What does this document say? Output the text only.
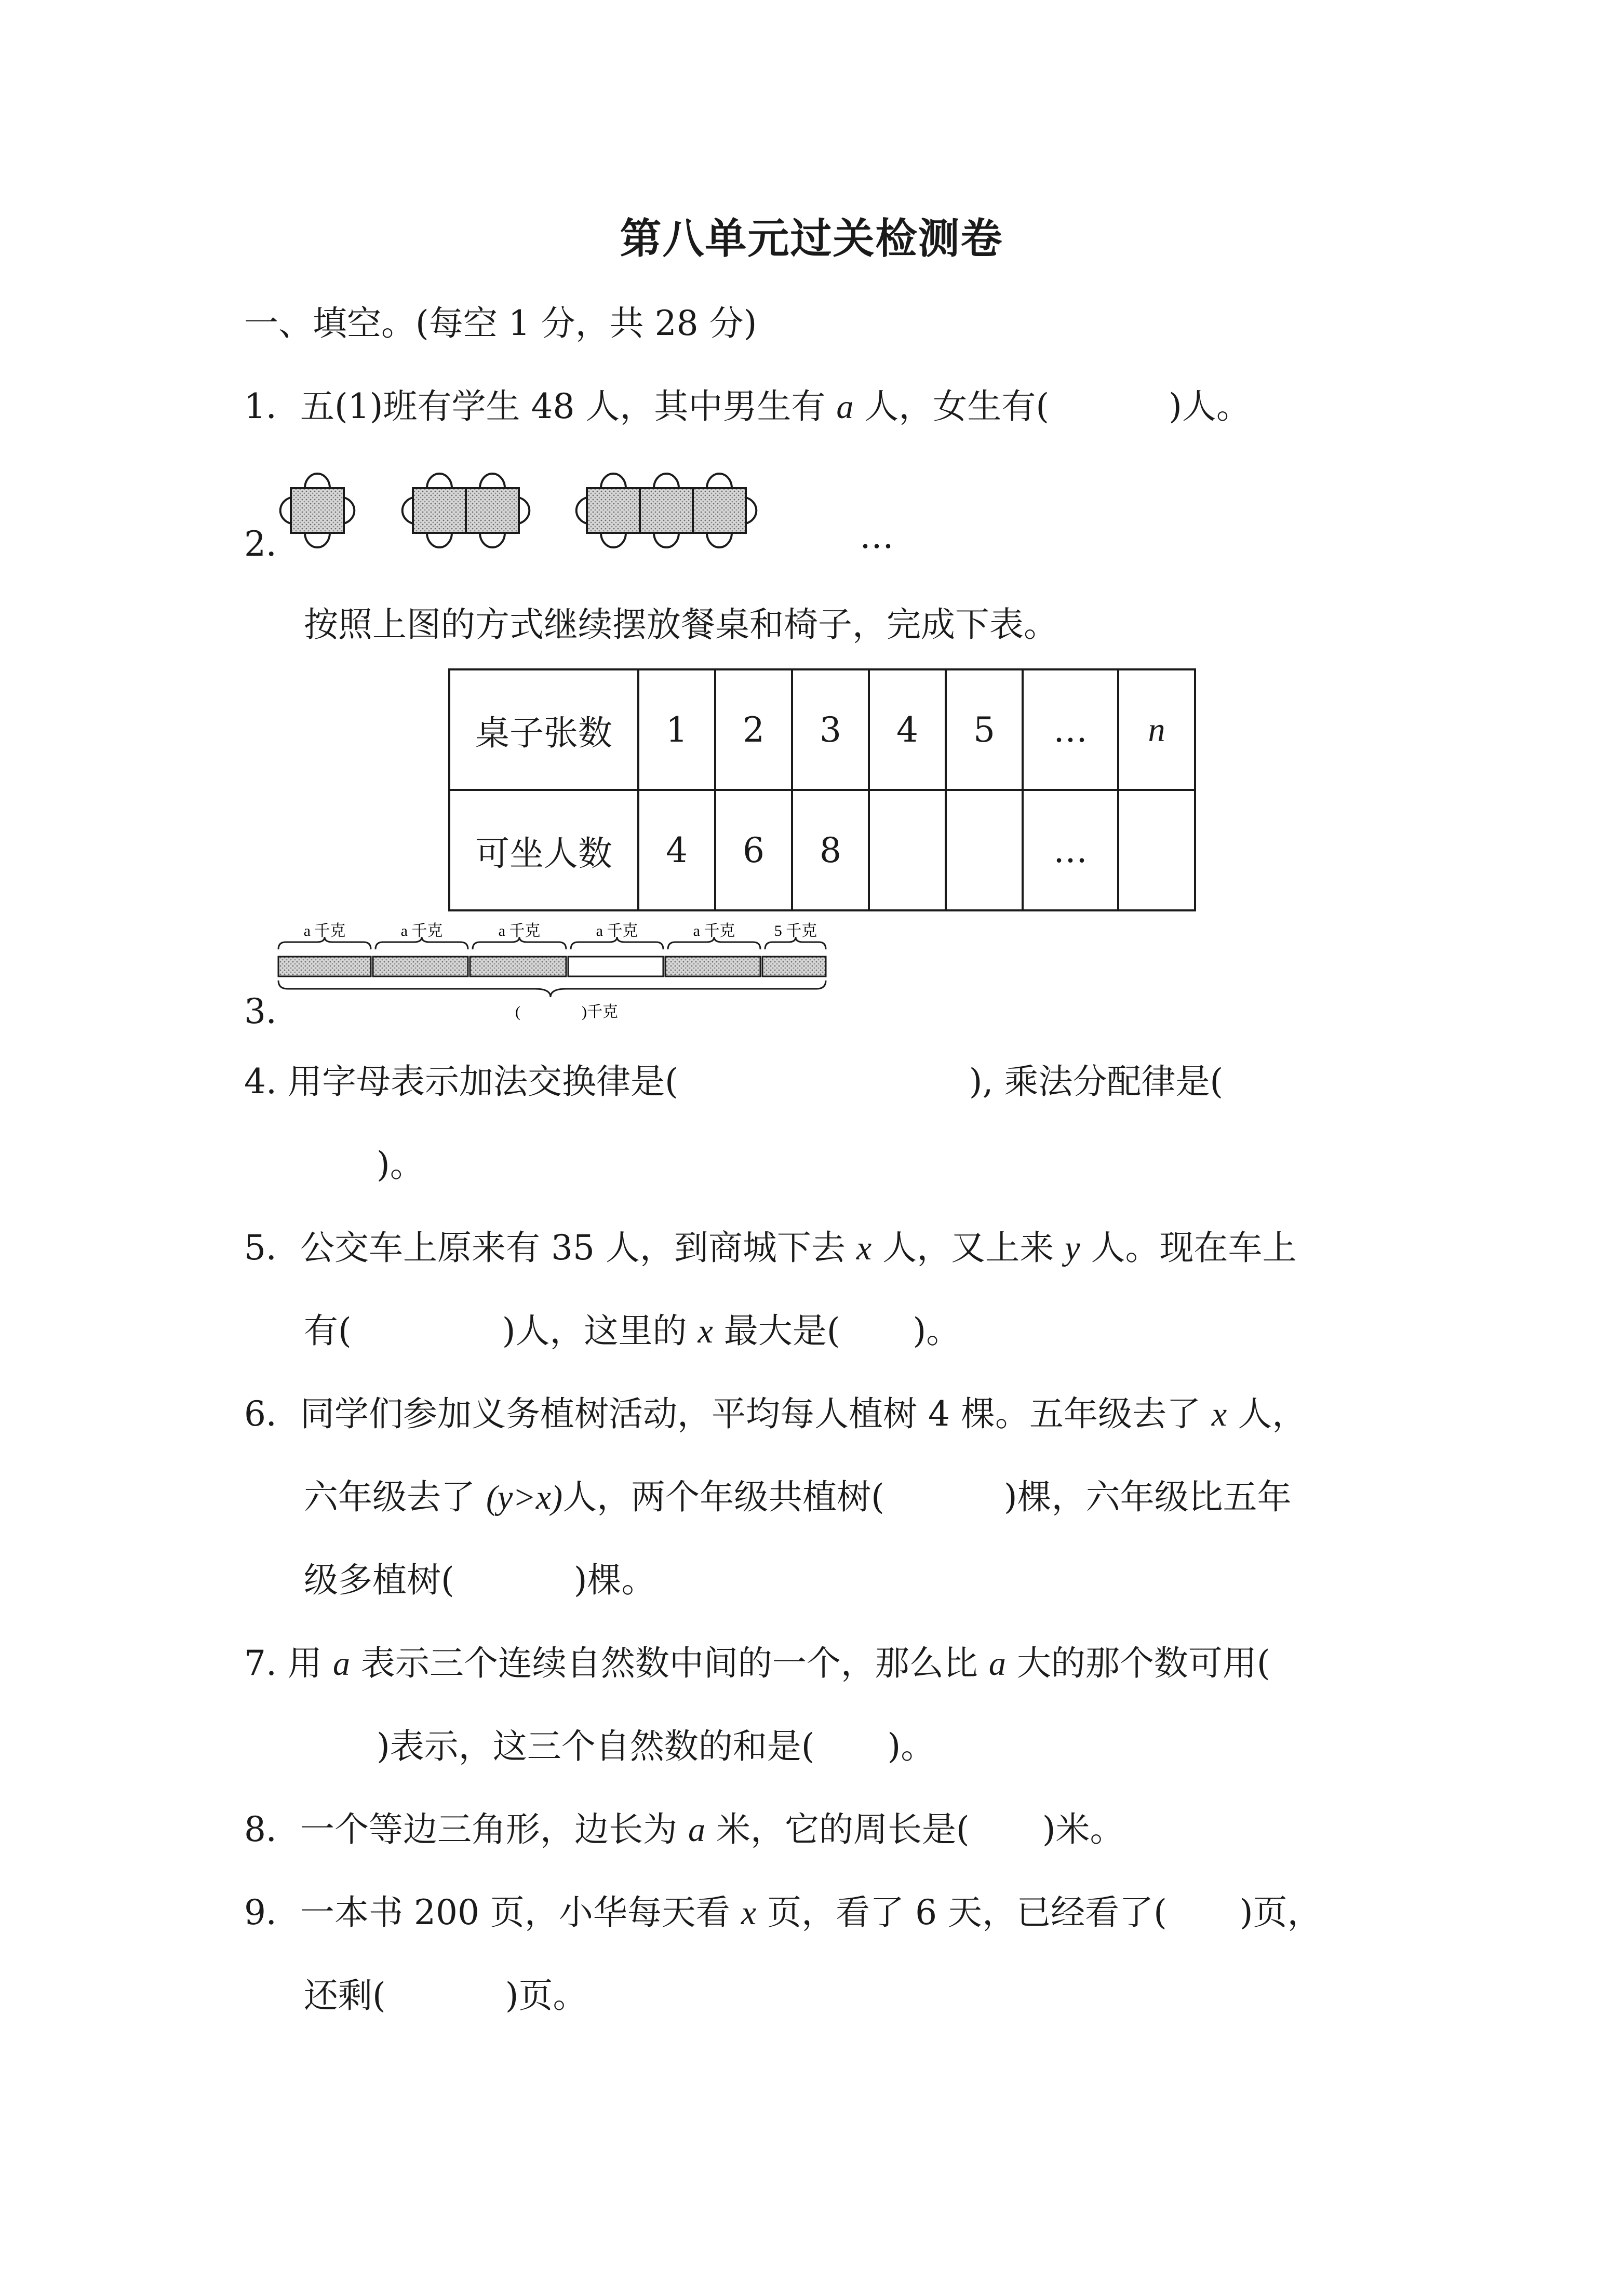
第八单元过关检测卷
一、填空。(每空 1 分，共 28 分)
1．五(1)班有学生 48 人，其中男生有 a 人，女生有(	)人。
2．	…
按照上图的方式继续摆放餐桌和椅子，完成下表。
桌子张数	1	2	3	4	5	…	n
可坐人数	4	6	8			…	
a 千克	a 千克	a 千克	a 千克	a 千克	5 千克
(	)千克
3．
4. 用字母表示加法交换律是(	), 乘法分配律是(
)。
5．公交车上原来有 35 人，到商城下去 x 人，又上来 y 人。现在车上
有(	)人，这里的 x 最大是( )。
6．同学们参加义务植树活动，平均每人植树 4 棵。五年级去了 x 人，
六年级去了 (y>x)人，两个年级共植树(	)棵，六年级比五年
级多植树(	)棵。
7. 用 a 表示三个连续自然数中间的一个，那么比 a 大的那个数可用(
)表示，这三个自然数的和是( )。
8．一个等边三角形，边长为 a 米，它的周长是( )米。
9．一本书 200 页，小华每天看 x 页，看了 6 天，已经看了( )页，
还剩(	)页。
